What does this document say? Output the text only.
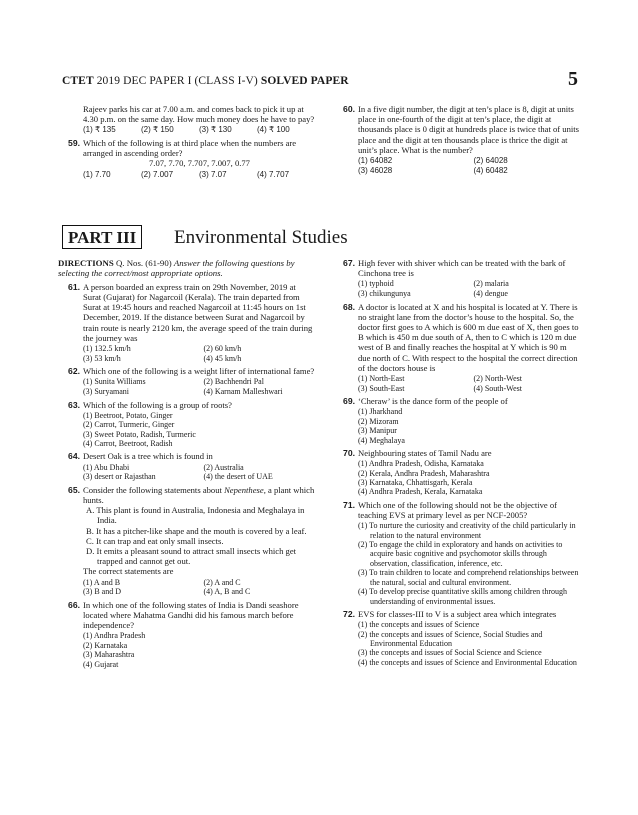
CTET 2019 DEC PAPER I (CLASS I-V) SOLVED PAPER	5
Rajeev parks his car at 7.00 a.m. and comes back to pick it up at 4.30 p.m. on the same day. How much money does he have to pay?
(1) ₹ 135	(2) ₹ 150	(3) ₹ 130	(4) ₹ 100
59. Which of the following is at third place when the numbers are arranged in ascending order?
7.07, 7.70, 7.707, 7.007, 0.77
(1) 7.70	(2) 7.007	(3) 7.07	(4) 7.707
60. In a five digit number, the digit at ten’s place is 8, digit at units place in one-fourth of the digit at ten’s place, the digit at thousands place is 0 digit at hundreds place is twice that of units place and the digit at ten thousands place is thrice the digit at unit’s place. What is the number?
(1) 64082	(2) 64028
(3) 46028	(4) 60482
PART III	Environmental Studies
DIRECTIONS Q. Nos. (61-90) Answer the following questions by selecting the correct/most appropriate options.
61. A person boarded an express train on 29th November, 2019 at Surat (Gujarat) for Nagarcoil (Kerala). The train departed from Surat at 19:45 hours and reached Nagarcoil at 11:45 hours on 1st December, 2019. If the distance between Surat and Nagarcoil by train route is nearly 2120 km, the average speed of the train during the journey was
(1) 132.5 km/h	(2) 60 km/h
(3) 53 km/h	(4) 45 km/h
62. Which one of the following is a weight lifter of international fame?
(1) Sunita Williams	(2) Bachhendri Pal
(3) Suryamani	(4) Karnam Malleshwari
63. Which of the following is a group of roots?
(1) Beetroot, Potato, Ginger
(2) Carrot, Turmeric, Ginger
(3) Sweet Potato, Radish, Turmeric
(4) Carrot, Beetroot, Radish
64. Desert Oak is a tree which is found in
(1) Abu Dhabi	(2) Australia
(3) desert or Rajasthan	(4) the desert of UAE
65. Consider the following statements about Nepenthese, a plant which hunts.
A. This plant is found in Australia, Indonesia and Meghalaya in India.
B. It has a pitcher-like shape and the mouth is covered by a leaf.
C. It can trap and eat only small insects.
D. It emits a pleasant sound to attract small insects which get trapped and cannot get out.
The correct statements are
(1) A and B	(2) A and C
(3) B and D	(4) A, B and C
66. In which one of the following states of India is Dandi seashore located where Mahatma Gandhi did his famous march before independence?
(1) Andhra Pradesh
(2) Karnataka
(3) Maharashtra
(4) Gujarat
67. High fever with shiver which can be treated with the bark of Cinchona tree is
(1) typhoid	(2) malaria
(3) chikungunya	(4) dengue
68. A doctor is located at X and his hospital is located at Y. There is no straight lane from the doctor’s house to the hospital. So, the doctor first goes to A which is 600 m due east of X, then goes to B which is 450 m due south of A, then to C which is 120 m due west of B and finally reaches the hospital at Y which is 90 m due north of C. With respect to the hospital the correct direction of the doctors house is
(1) North-East	(2) North-West
(3) South-East	(4) South-West
69. ‘Cheraw’ is the dance form of the people of
(1) Jharkhand
(2) Mizoram
(3) Manipur
(4) Meghalaya
70. Neighbouring states of Tamil Nadu are
(1) Andhra Pradesh, Odisha, Karnataka
(2) Kerala, Andhra Pradesh, Maharashtra
(3) Karnataka, Chhattisgarh, Kerala
(4) Andhra Pradesh, Kerala, Karnataka
71. Which one of the following should not be the objective of teaching EVS at primary level as per NCF-2005?
(1) To nurture the curiosity and creativity of the child particularly in relation to the natural environment
(2) To engage the child in exploratory and hands on activities to acquire basic cognitive and psychomotor skills through observation, classification, inference, etc.
(3) To train children to locate and comprehend relationships between the natural, social and cultural environment.
(4) To develop precise quantitative skills among children through understanding of environmental issues.
72. EVS for classes-III to V is a subject area which integrates
(1) the concepts and issues of Science
(2) the concepts and issues of Science, Social Studies and Environmental Education
(3) the concepts and issues of Social Science and Science
(4) the concepts and issues of Science and Environmental Education
